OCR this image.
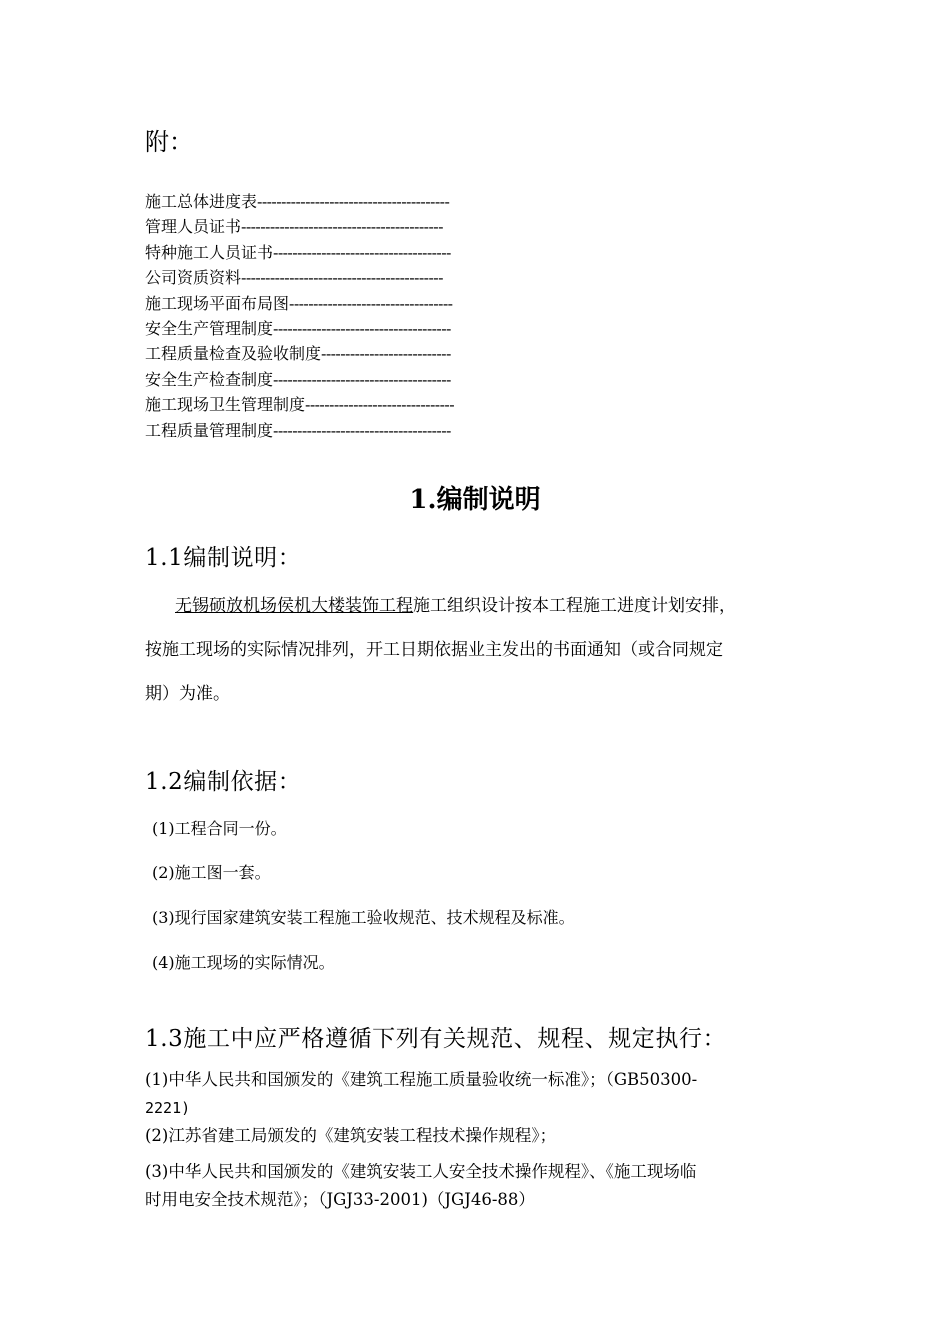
附：
施工总体进度表----------------------------------------
管理人员证书------------------------------------------
特种施工人员证书-------------------------------------
公司资质资料------------------------------------------
施工现场平面布局图----------------------------------
安全生产管理制度-------------------------------------
工程质量检查及验收制度---------------------------
安全生产检查制度-------------------------------------
施工现场卫生管理制度-------------------------------
工程质量管理制度-------------------------------------
1.编制说明
1.1编制说明：
无锡硕放机场侯机大楼装饰工程施工组织设计按本工程施工进度计划安排，
按施工现场的实际情况排列，开工日期依据业主发出的书面通知（或合同规定
期）为准。
1.2编制依据：
(1)工程合同一份。
(2)施工图一套。
(3)现行国家建筑安装工程施工验收规范、技术规程及标准。
(4)施工现场的实际情况。
1.3施工中应严格遵循下列有关规范、规程、规定执行：
(1)中华人民共和国颁发的《建筑工程施工质量验收统一标准》；（GB50300-
2221)
(2)江苏省建工局颁发的《建筑安装工程技术操作规程》；
(3)中华人民共和国颁发的《建筑安装工人安全技术操作规程》、《施工现场临
时用电安全技术规范》；（JGJ33-2001)（JGJ46-88）
